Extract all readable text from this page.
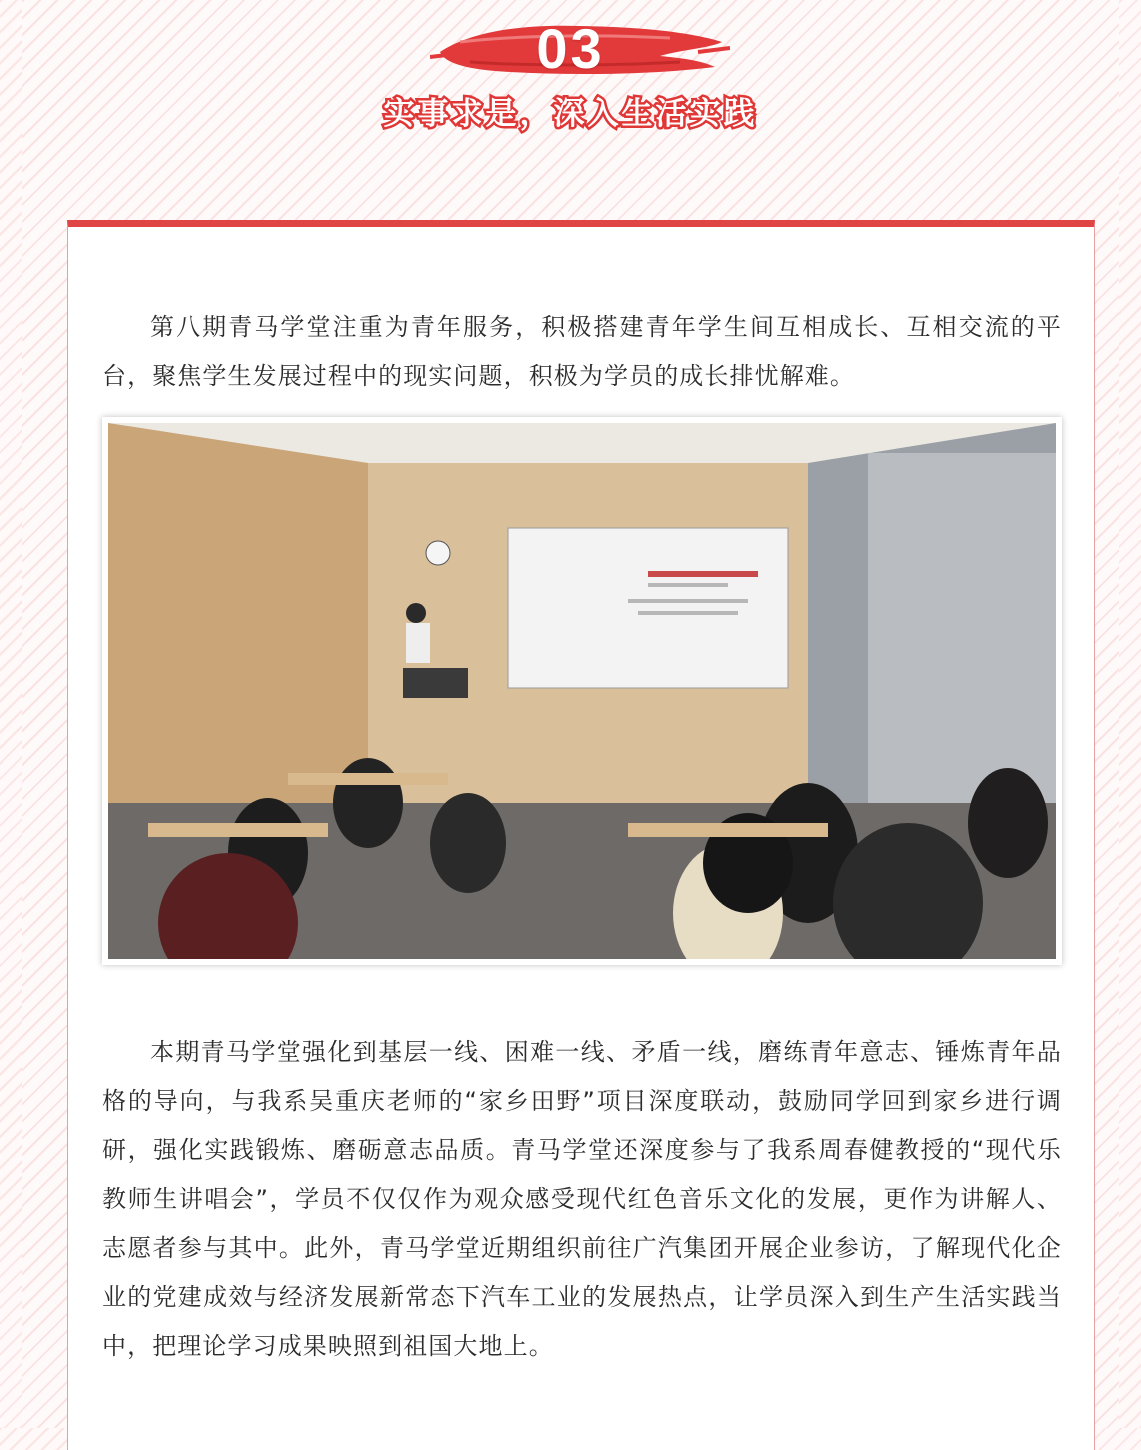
03
实事求是，深入生活实践

第八期青马学堂注重为青年服务，积极搭建青年学生间互相成长、互相交流的平台，聚焦学生发展过程中的现实问题，积极为学员的成长排忧解难。

本期青马学堂强化到基层一线、困难一线、矛盾一线，磨练青年意志、锤炼青年品格的导向，与我系吴重庆老师的“家乡田野”项目深度联动，鼓励同学回到家乡进行调研，强化实践锻炼、磨砺意志品质。青马学堂还深度参与了我系周春健教授的“现代乐教师生讲唱会”，学员不仅仅作为观众感受现代红色音乐文化的发展，更作为讲解人、志愿者参与其中。此外，青马学堂近期组织前往广汽集团开展企业参访，了解现代化企业的党建成效与经济发展新常态下汽车工业的发展热点，让学员深入到生产生活实践当中，把理论学习成果映照到祖国大地上。
